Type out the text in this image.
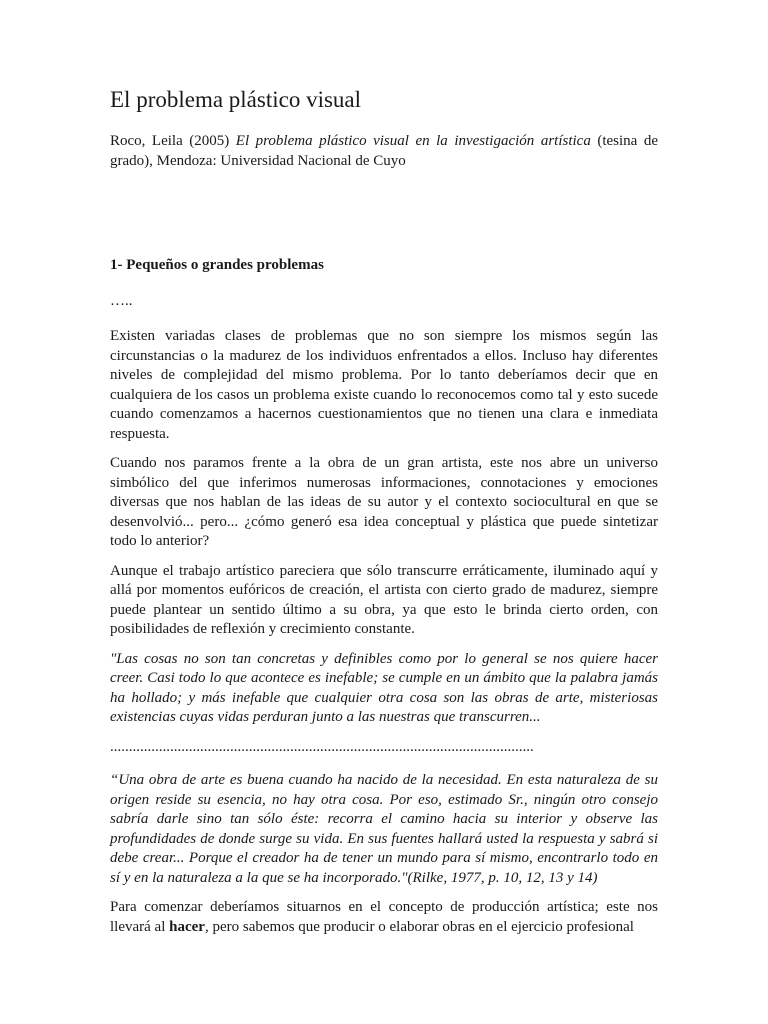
El problema plástico visual

Roco, Leila (2005) El problema plástico visual en la investigación artística (tesina de grado), Mendoza: Universidad Nacional de Cuyo

1- Pequeños o grandes problemas

…..

Existen variadas clases de problemas que no son siempre los mismos según las circunstancias o la madurez de los individuos enfrentados a ellos. Incluso hay diferentes niveles de complejidad del mismo problema. Por lo tanto deberíamos decir que en cualquiera de los casos un problema existe cuando lo reconocemos como tal y esto sucede cuando comenzamos a hacernos cuestionamientos que no tienen una clara e inmediata respuesta.

Cuando nos paramos frente a la obra de un gran artista, este nos abre un universo simbólico del que inferimos numerosas informaciones, connotaciones y emociones diversas que nos hablan de las ideas de su autor y el contexto sociocultural en que se desenvolvió... pero... ¿cómo generó esa idea conceptual y plástica que puede sintetizar todo lo anterior?

Aunque el trabajo artístico pareciera que sólo transcurre erráticamente, iluminado aquí y allá por momentos eufóricos de creación, el artista con cierto grado de madurez, siempre puede plantear un sentido último a su obra, ya que esto le brinda cierto orden, con posibilidades de reflexión y crecimiento constante.

"Las cosas no son tan concretas y definibles como por lo general se nos quiere hacer creer. Casi todo lo que acontece es inefable; se cumple en un ámbito que la palabra jamás ha hollado; y más inefable que cualquier otra cosa son las obras de arte, misteriosas existencias cuyas vidas perduran junto a las nuestras que transcurren...

.................................................................................................................

“Una obra de arte es buena cuando ha nacido de la necesidad. En esta naturaleza de su origen reside su esencia, no hay otra cosa. Por eso, estimado Sr., ningún otro consejo sabría darle sino tan sólo éste: recorra el camino hacia su interior y observe las profundidades de donde surge su vida. En sus fuentes hallará usted la respuesta y sabrá si debe crear... Porque el creador ha de tener un mundo para sí mismo, encontrarlo todo en sí y en la naturaleza a la que se ha incorporado."(Rilke, 1977, p. 10, 12, 13 y 14)

Para comenzar deberíamos situarnos en el concepto de producción artística; este nos llevará al hacer, pero sabemos que producir o elaborar obras en el ejercicio profesional
